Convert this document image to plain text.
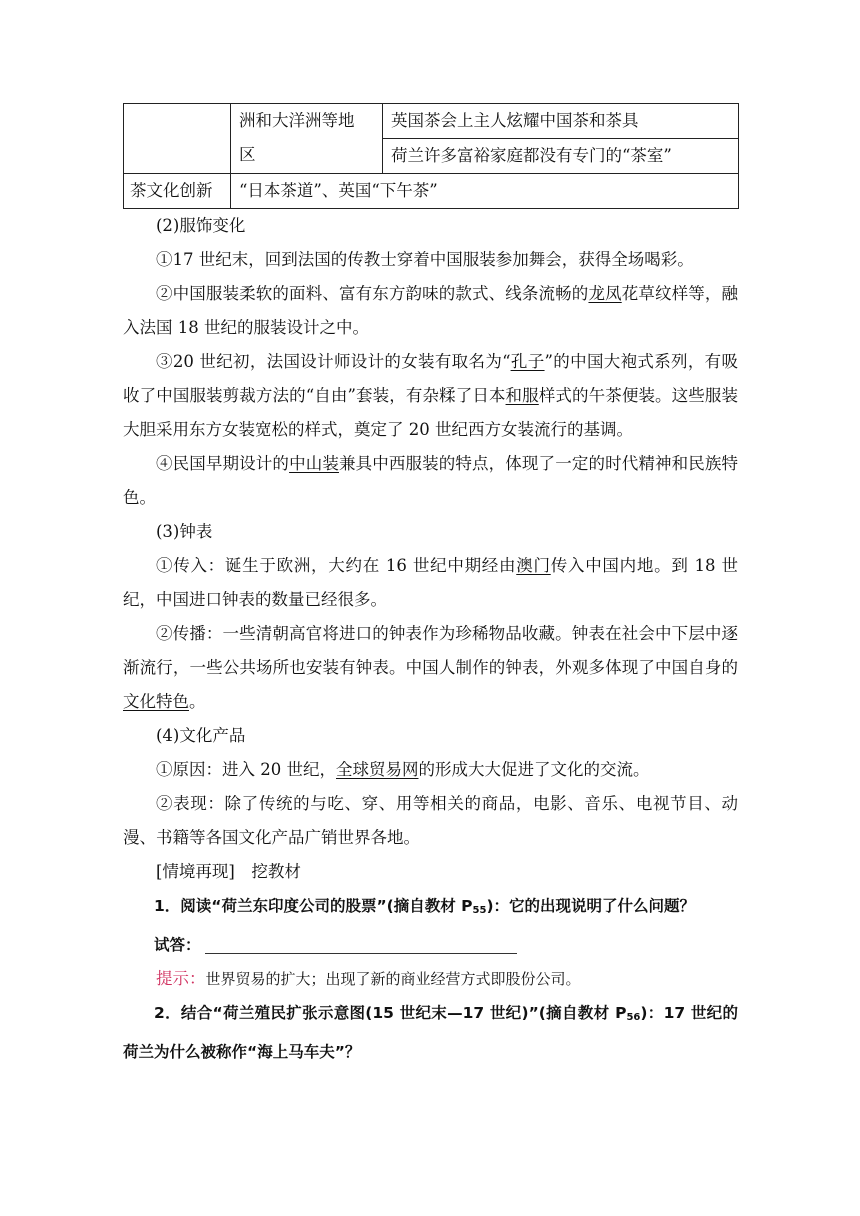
	洲和大洋洲等地区	英国茶会上主人炫耀中国茶和茶具
		荷兰许多富裕家庭都没有专门的“茶室”
茶文化创新	“日本茶道”、英国“下午茶”	

(2)服饰变化

①17 世纪末，回到法国的传教士穿着中国服装参加舞会，获得全场喝彩。

②中国服装柔软的面料、富有东方韵味的款式、线条流畅的龙凤花草纹样等，融入法国 18 世纪的服装设计之中。

③20 世纪初，法国设计师设计的女装有取名为“孔子”的中国大袍式系列，有吸收了中国服装剪裁方法的“自由”套装，有杂糅了日本和服样式的午茶便装。这些服装大胆采用东方女装宽松的样式，奠定了 20 世纪西方女装流行的基调。

④民国早期设计的中山装兼具中西服装的特点，体现了一定的时代精神和民族特色。

(3)钟表

①传入：诞生于欧洲，大约在 16 世纪中期经由澳门传入中国内地。到 18 世纪，中国进口钟表的数量已经很多。

②传播：一些清朝高官将进口的钟表作为珍稀物品收藏。钟表在社会中下层中逐渐流行，一些公共场所也安装有钟表。中国人制作的钟表，外观多体现了中国自身的文化特色。

(4)文化产品

①原因：进入 20 世纪，全球贸易网的形成大大促进了文化的交流。

②表现：除了传统的与吃、穿、用等相关的商品，电影、音乐、电视节目、动漫、书籍等各国文化产品广销世界各地。

[情境再现]　挖教材

1．阅读“荷兰东印度公司的股票”(摘自教材 $P_{55}$)：它的出现说明了什么问题？

试答：

提示：世界贸易的扩大；出现了新的商业经营方式即股份公司。

2．结合“荷兰殖民扩张示意图(15 世纪末—17 世纪)”(摘自教材 $P_{56}$)：17 世纪的荷兰为什么被称作“海上马车夫”？
